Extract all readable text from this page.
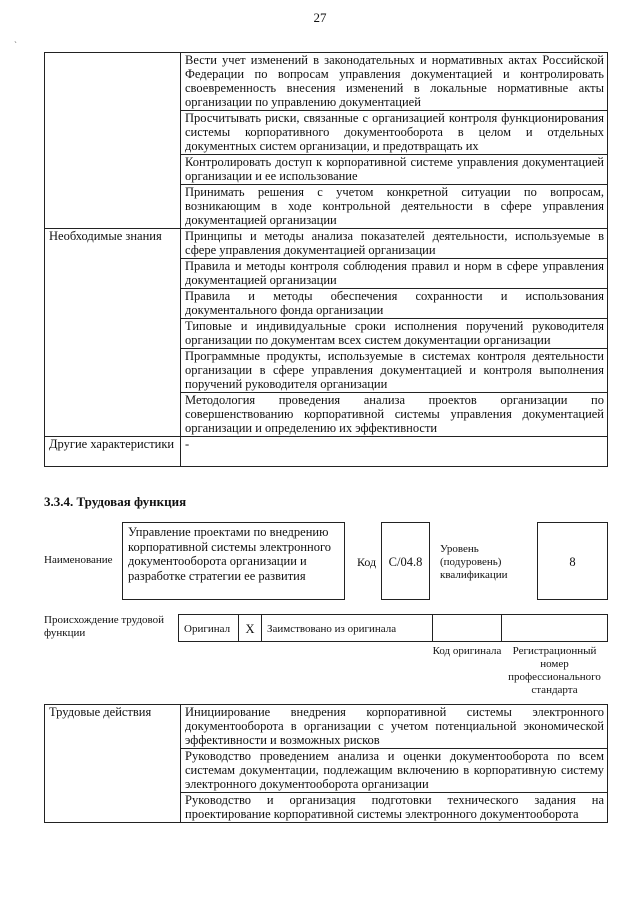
27
`
	Вести учет изменений в законодательных и нормативных актах Российской Федерации по вопросам управления документацией и контролировать своевременность внесения изменений в локальные нормативные акты организации по управлению документацией
	Просчитывать риски, связанные с организацией контроля функционирования системы корпоративного документооборота в целом и отдельных документных систем организации, и предотвращать их
	Контролировать доступ к корпоративной системе управления документацией организации и ее использование
	Принимать решения с учетом конкретной ситуации по вопросам, возникающим в ходе контрольной деятельности в сфере управления документацией организации
Необходимые знания	Принципы и методы анализа показателей деятельности, используемые в сфере управления документацией организации
	Правила и методы контроля соблюдения правил и норм в сфере управления документацией организации
	Правила и методы обеспечения сохранности и использования документального фонда организации
	Типовые и индивидуальные сроки исполнения поручений руководителя организации по документам всех систем документации организации
	Программные продукты, используемые в системах контроля деятельности организации в сфере управления документацией и контроля выполнения поручений руководителя организации
	Методология проведения анализа проектов организации по совершенствованию корпоративной системы управления документацией организации и определению их эффективности
Другие характеристики	-
3.3.4. Трудовая функция
Наименование
Управление проектами по внедрению корпоративной системы электронного документооборота организации и разработке стратегии ее развития
Код C/04.8
Уровень (подуровень) квалификации
8
Происхождение трудовой функции	Оригинал	X	Заимствовано из оригинала
Код оригинала	Регистрационный номер профессионального стандарта
Трудовые действия	Инициирование внедрения корпоративной системы электронного документооборота в организации с учетом потенциальной экономической эффективности и возможных рисков
Руководство проведением анализа и оценки документооборота по всем системам документации, подлежащим включению в корпоративную систему электронного документооборота организации
Руководство и организация подготовки технического задания на проектирование корпоративной системы электронного документооборота
